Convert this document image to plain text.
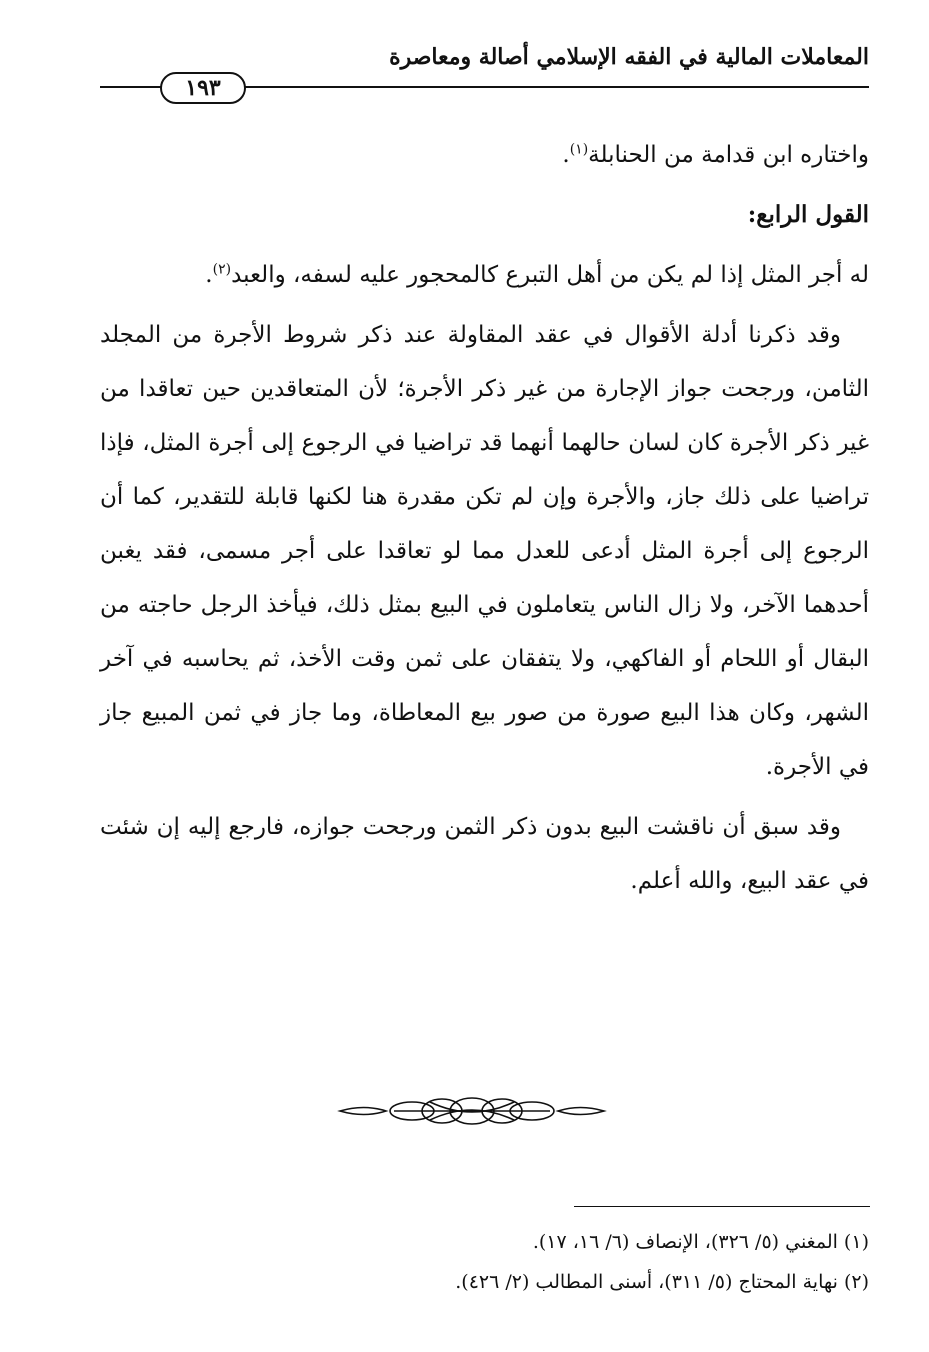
المعاملات المالية في الفقه الإسلامي أصالة ومعاصرة
١٩٣

واختاره ابن قدامة من الحنابلة$^{(١)}$.

القول الرابع:

له أجر المثل إذا لم يكن من أهل التبرع كالمحجور عليه لسفه، والعبد$^{(٢)}$.

وقد ذكرنا أدلة الأقوال في عقد المقاولة عند ذكر شروط الأجرة من المجلد الثامن، ورجحت جواز الإجارة من غير ذكر الأجرة؛ لأن المتعاقدين حين تعاقدا من غير ذكر الأجرة كان لسان حالهما أنهما قد تراضيا في الرجوع إلى أجرة المثل، فإذا تراضيا على ذلك جاز، والأجرة وإن لم تكن مقدرة هنا لكنها قابلة للتقدير، كما أن الرجوع إلى أجرة المثل أدعى للعدل مما لو تعاقدا على أجر مسمى، فقد يغبن أحدهما الآخر، ولا زال الناس يتعاملون في البيع بمثل ذلك، فيأخذ الرجل حاجته من البقال أو اللحام أو الفاكهي، ولا يتفقان على ثمن وقت الأخذ، ثم يحاسبه في آخر الشهر، وكان هذا البيع صورة من صور بيع المعاطاة، وما جاز في ثمن المبيع جاز في الأجرة.

وقد سبق أن ناقشت البيع بدون ذكر الثمن ورجحت جوازه، فارجع إليه إن شئت في عقد البيع، والله أعلم.

(١) المغني (٥/ ٣٢٦)، الإنصاف (٦/ ١٦، ١٧).

(٢) نهاية المحتاج (٥/ ٣١١)، أسنى المطالب (٢/ ٤٢٦).
